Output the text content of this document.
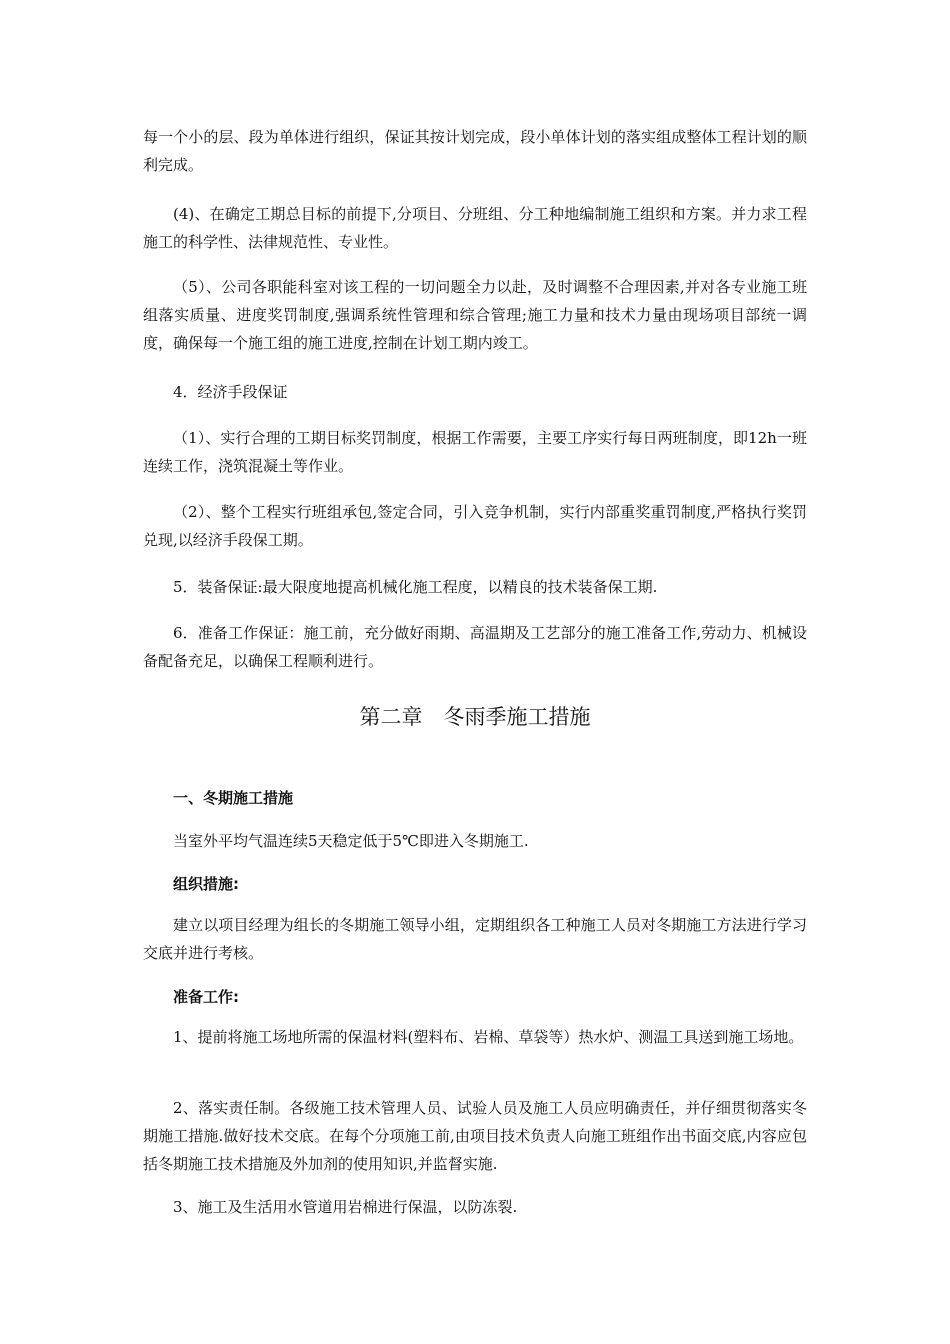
每一个小的层、段为单体进行组织，保证其按计划完成，段小单体计划的落实组成整体工程计划的顺利完成。

(4)、在确定工期总目标的前提下,分项目、分班组、分工种地编制施工组织和方案。并力求工程施工的科学性、法律规范性、专业性。

（5）、公司各职能科室对该工程的一切问题全力以赴，及时调整不合理因素,并对各专业施工班组落实质量、进度奖罚制度,强调系统性管理和综合管理;施工力量和技术力量由现场项目部统一调度，确保每一个施工组的施工进度,控制在计划工期内竣工。

4．经济手段保证

（1）、实行合理的工期目标奖罚制度，根据工作需要，主要工序实行每日两班制度，即12h一班连续工作，浇筑混凝土等作业。

（2）、整个工程实行班组承包,签定合同，引入竞争机制，实行内部重奖重罚制度,严格执行奖罚兑现,以经济手段保工期。

5．装备保证:最大限度地提高机械化施工程度，以精良的技术装备保工期.

6．准备工作保证：施工前，充分做好雨期、高温期及工艺部分的施工准备工作,劳动力、机械设备配备充足，以确保工程顺利进行。

第二章　冬雨季施工措施

一、冬期施工措施

当室外平均气温连续5天稳定低于5℃即进入冬期施工.

组织措施:

建立以项目经理为组长的冬期施工领导小组，定期组织各工种施工人员对冬期施工方法进行学习交底并进行考核。

准备工作:

1、提前将施工场地所需的保温材料(塑料布、岩棉、草袋等）热水炉、测温工具送到施工场地。

2、落实责任制。各级施工技术管理人员、试验人员及施工人员应明确责任，并仔细贯彻落实冬期施工措施.做好技术交底。在每个分项施工前,由项目技术负责人向施工班组作出书面交底,内容应包括冬期施工技术措施及外加剂的使用知识,并监督实施.

3、施工及生活用水管道用岩棉进行保温，以防冻裂.
